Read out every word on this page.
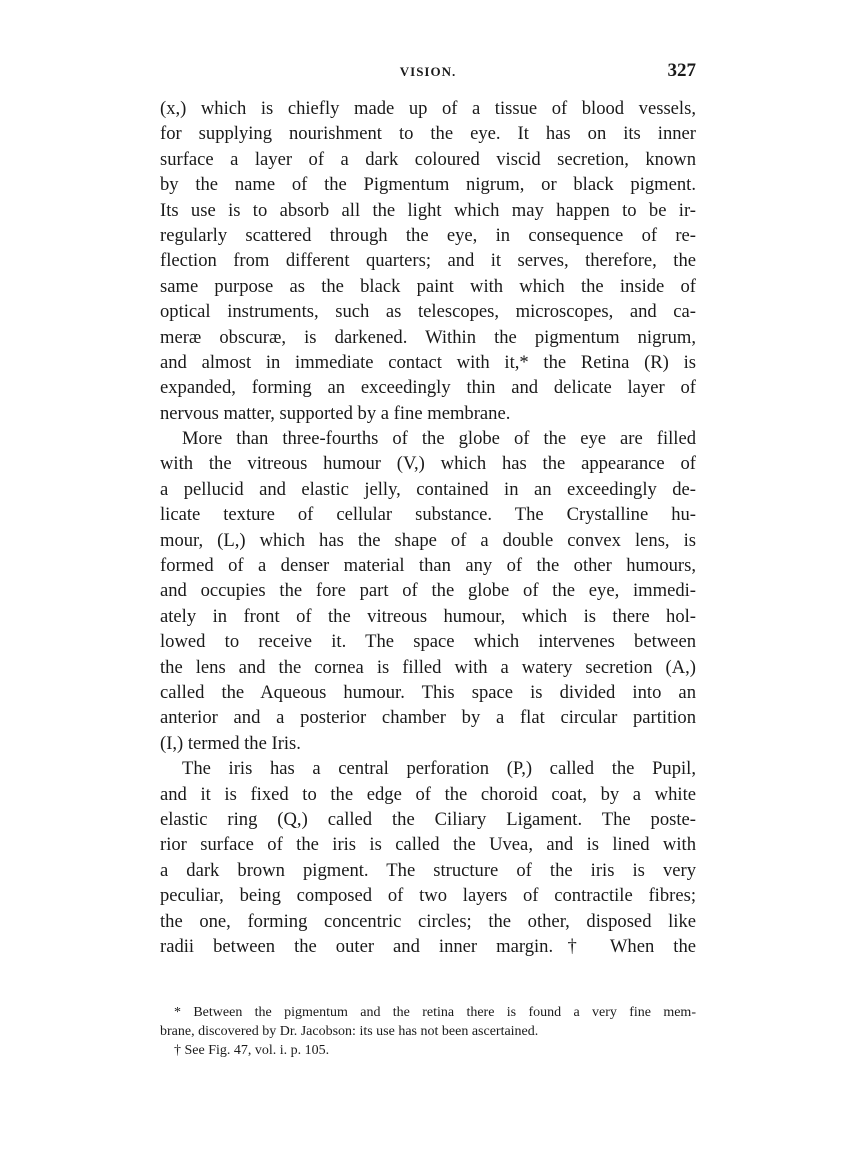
VISION.	327
(x,) which is chiefly made up of a tissue of blood vessels,
for supplying nourishment to the eye. It has on its inner
surface a layer of a dark coloured viscid secretion, known
by the name of the Pigmentum nigrum, or black pigment.
Its use is to absorb all the light which may happen to be ir-
regularly scattered through the eye, in consequence of re-
flection from different quarters; and it serves, therefore, the
same purpose as the black paint with which the inside of
optical instruments, such as telescopes, microscopes, and ca-
meræ obscuræ, is darkened. Within the pigmentum nigrum,
and almost in immediate contact with it,* the Retina (R) is
expanded, forming an exceedingly thin and delicate layer of
nervous matter, supported by a fine membrane.
More than three-fourths of the globe of the eye are filled
with the vitreous humour (V,) which has the appearance of
a pellucid and elastic jelly, contained in an exceedingly de-
licate texture of cellular substance. The Crystalline hu-
mour, (L,) which has the shape of a double convex lens, is
formed of a denser material than any of the other humours,
and occupies the fore part of the globe of the eye, immedi-
ately in front of the vitreous humour, which is there hol-
lowed to receive it. The space which intervenes between
the lens and the cornea is filled with a watery secretion (A,)
called the Aqueous humour. This space is divided into an
anterior and a posterior chamber by a flat circular partition
(I,) termed the Iris.
The iris has a central perforation (P,) called the Pupil,
and it is fixed to the edge of the choroid coat, by a white
elastic ring (Q,) called the Ciliary Ligament. The poste-
rior surface of the iris is called the Uvea, and is lined with
a dark brown pigment. The structure of the iris is very
peculiar, being composed of two layers of contractile fibres;
the one, forming concentric circles; the other, disposed like
radii between the outer and inner margin.† When the
* Between the pigmentum and the retina there is found a very fine mem-
brane, discovered by Dr. Jacobson: its use has not been ascertained.
† See Fig. 47, vol. i. p. 105.
